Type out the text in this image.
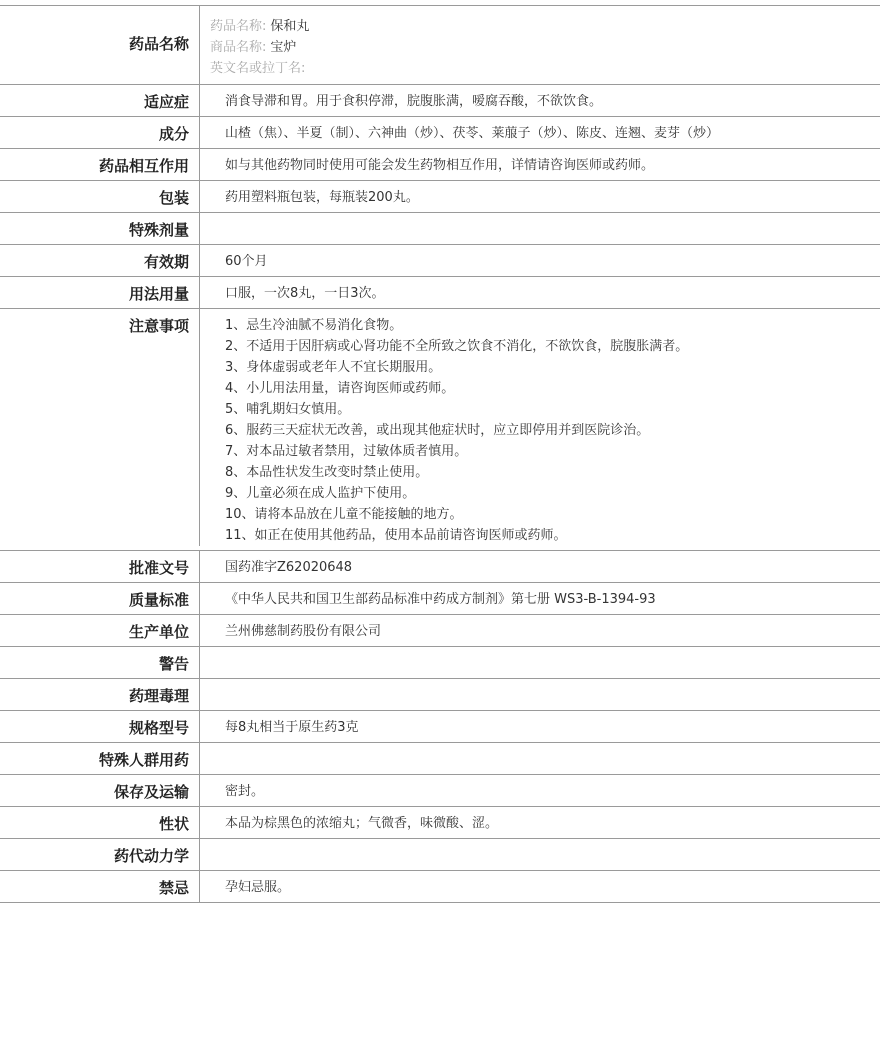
药品名称
药品名称: 保和丸
商品名称: 宝炉
英文名或拉丁名:
适应症	消食导滞和胃。用于食积停滞，脘腹胀满，嗳腐吞酸，不欲饮食。
成分	山楂（焦）、半夏（制）、六神曲（炒）、茯苓、莱菔子（炒）、陈皮、连翘、麦芽（炒）
药品相互作用	如与其他药物同时使用可能会发生药物相互作用，详情请咨询医师或药师。
包装	药用塑料瓶包装，每瓶装200丸。
特殊剂量
有效期	60个月
用法用量	口服，一次8丸，一日3次。
注意事项	1、忌生冷油腻不易消化食物。
2、不适用于因肝病或心肾功能不全所致之饮食不消化，不欲饮食，脘腹胀满者。
3、身体虚弱或老年人不宜长期服用。
4、小儿用法用量，请咨询医师或药师。
5、哺乳期妇女慎用。
6、服药三天症状无改善，或出现其他症状时，应立即停用并到医院诊治。
7、对本品过敏者禁用，过敏体质者慎用。
8、本品性状发生改变时禁止使用。
9、儿童必须在成人监护下使用。
10、请将本品放在儿童不能接触的地方。
11、如正在使用其他药品，使用本品前请咨询医师或药师。
批准文号	国药准字Z62020648
质量标准	《中华人民共和国卫生部药品标准中药成方制剂》第七册 WS3-B-1394-93
生产单位	兰州佛慈制药股份有限公司
警告
药理毒理
规格型号	每8丸相当于原生药3克
特殊人群用药
保存及运输	密封。
性状	本品为棕黑色的浓缩丸；气微香，味微酸、涩。
药代动力学
禁忌	孕妇忌服。
